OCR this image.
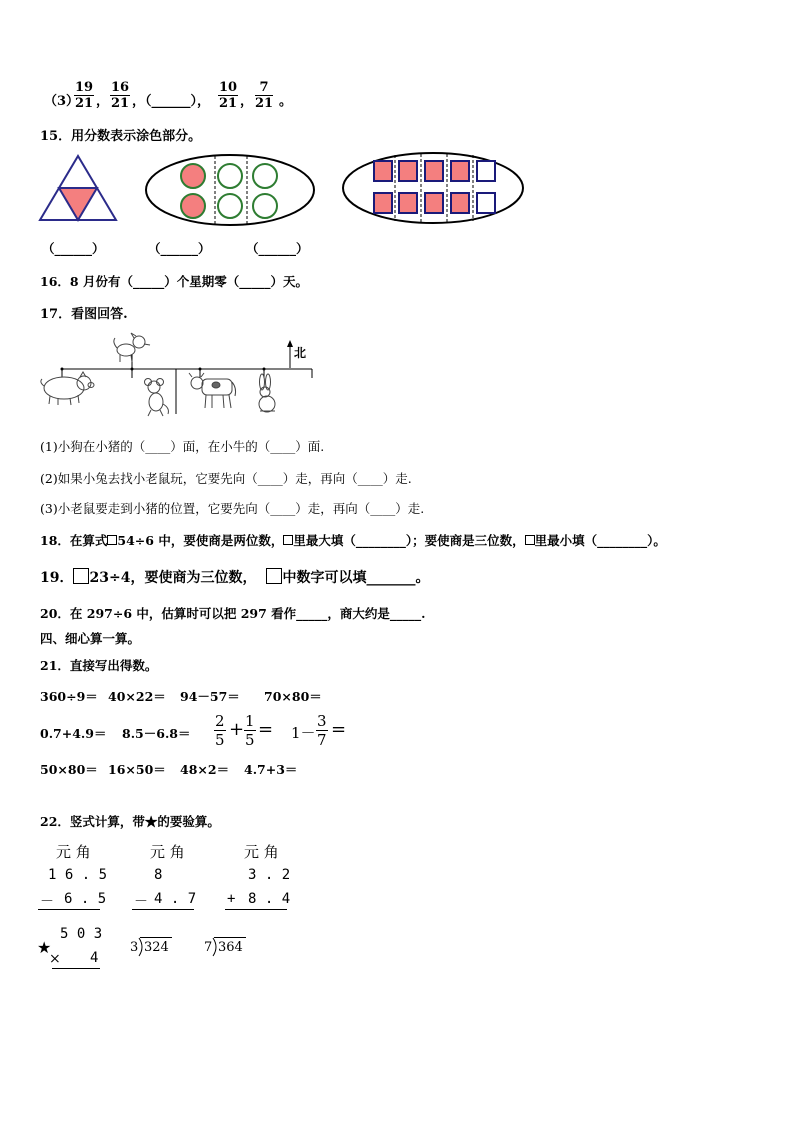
（3）
$\frac{19}{21}$ ， $\frac{16}{21}$ ，（______）， $\frac{10}{21}$ ， $\frac{7}{21}$ 。
15．用分数表示涂色部分。
（______）	（______）	（______）
16．8 月份有（_____）个星期零（_____）天。
17．看图回答.
北
(1)小狗在小猪的（____）面，在小牛的（____）面.
(2)如果小兔去找小老鼠玩，它要先向（____）走，再向（____）走.
(3)小老鼠要走到小猪的位置，它要先向（____）走，再向（____）走.
18．在算式 54÷6 中，要使商是两位数， 里最大填（________）；要使商是三位数， 里最小填（________）。
19． 23÷4，要使商为三位数， 中数字可以填_______。
20．在 297÷6 中，估算时可以把 297 看作_____，商大约是_____.
四、细心算一算。
21．直接写出得数。
360÷9＝ 40×22＝ 94－57＝ 70×80＝
$0.7+4.9= 8.5-6.8= \frac{2}{5} + \frac{1}{5} = 1- \frac{3}{7}$ =
50×80＝ 16×50＝ 48×2＝ 4.7+3＝
22．竖式计算，带★的要验算。
元 角
1 6 . 5
－ 6 . 5
元 角
8
－ 4 . 7
元 角
3 . 2
+ 8 . 4
★
5 0 3
× 4
3 324	7 364
